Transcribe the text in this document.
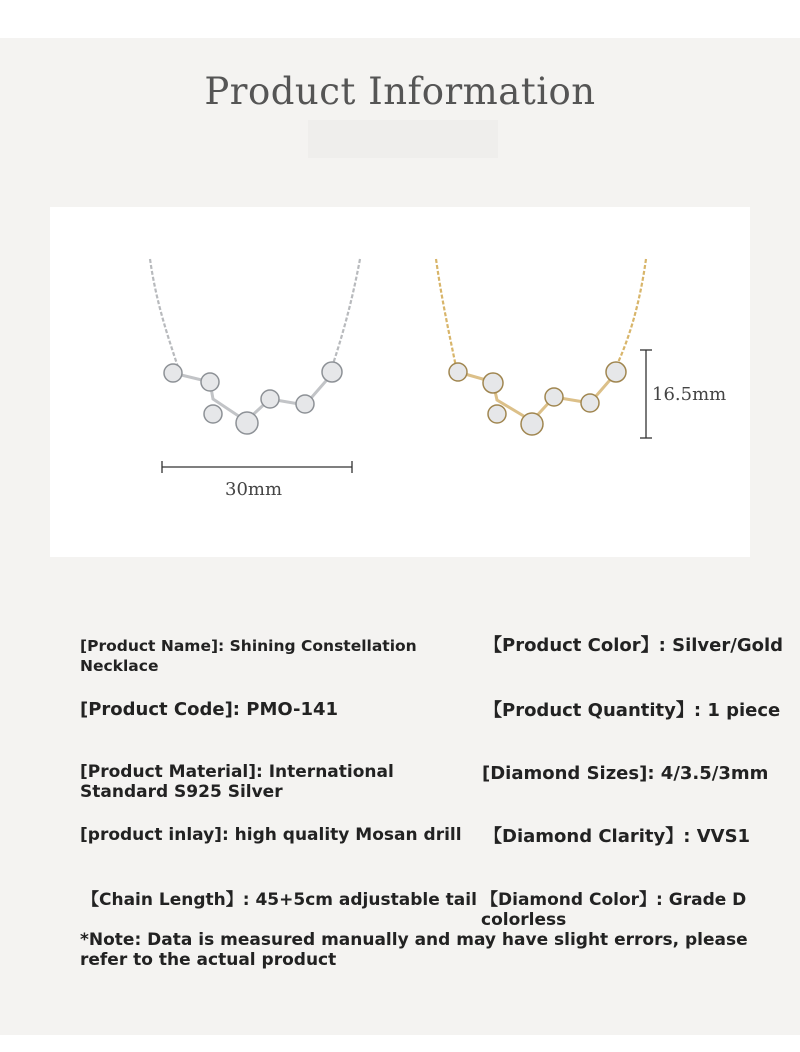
Product Information
30mm
16.5mm
[Product Name]: Shining Constellation Necklace
【Product Color】: Silver/Gold
[Product Code]: PMO-141	【Product Quantity】: 1 piece
[Product Material]: International Standard S925 Silver
[Diamond Sizes]: 4/3.5/3mm
[product inlay]: high quality Mosan drill	【Diamond Clarity】: VVS1
【Chain Length】: 45+5cm adjustable tail 【Diamond Color】: Grade D colorless
*Note: Data is measured manually and may have slight errors, please refer to the actual product
